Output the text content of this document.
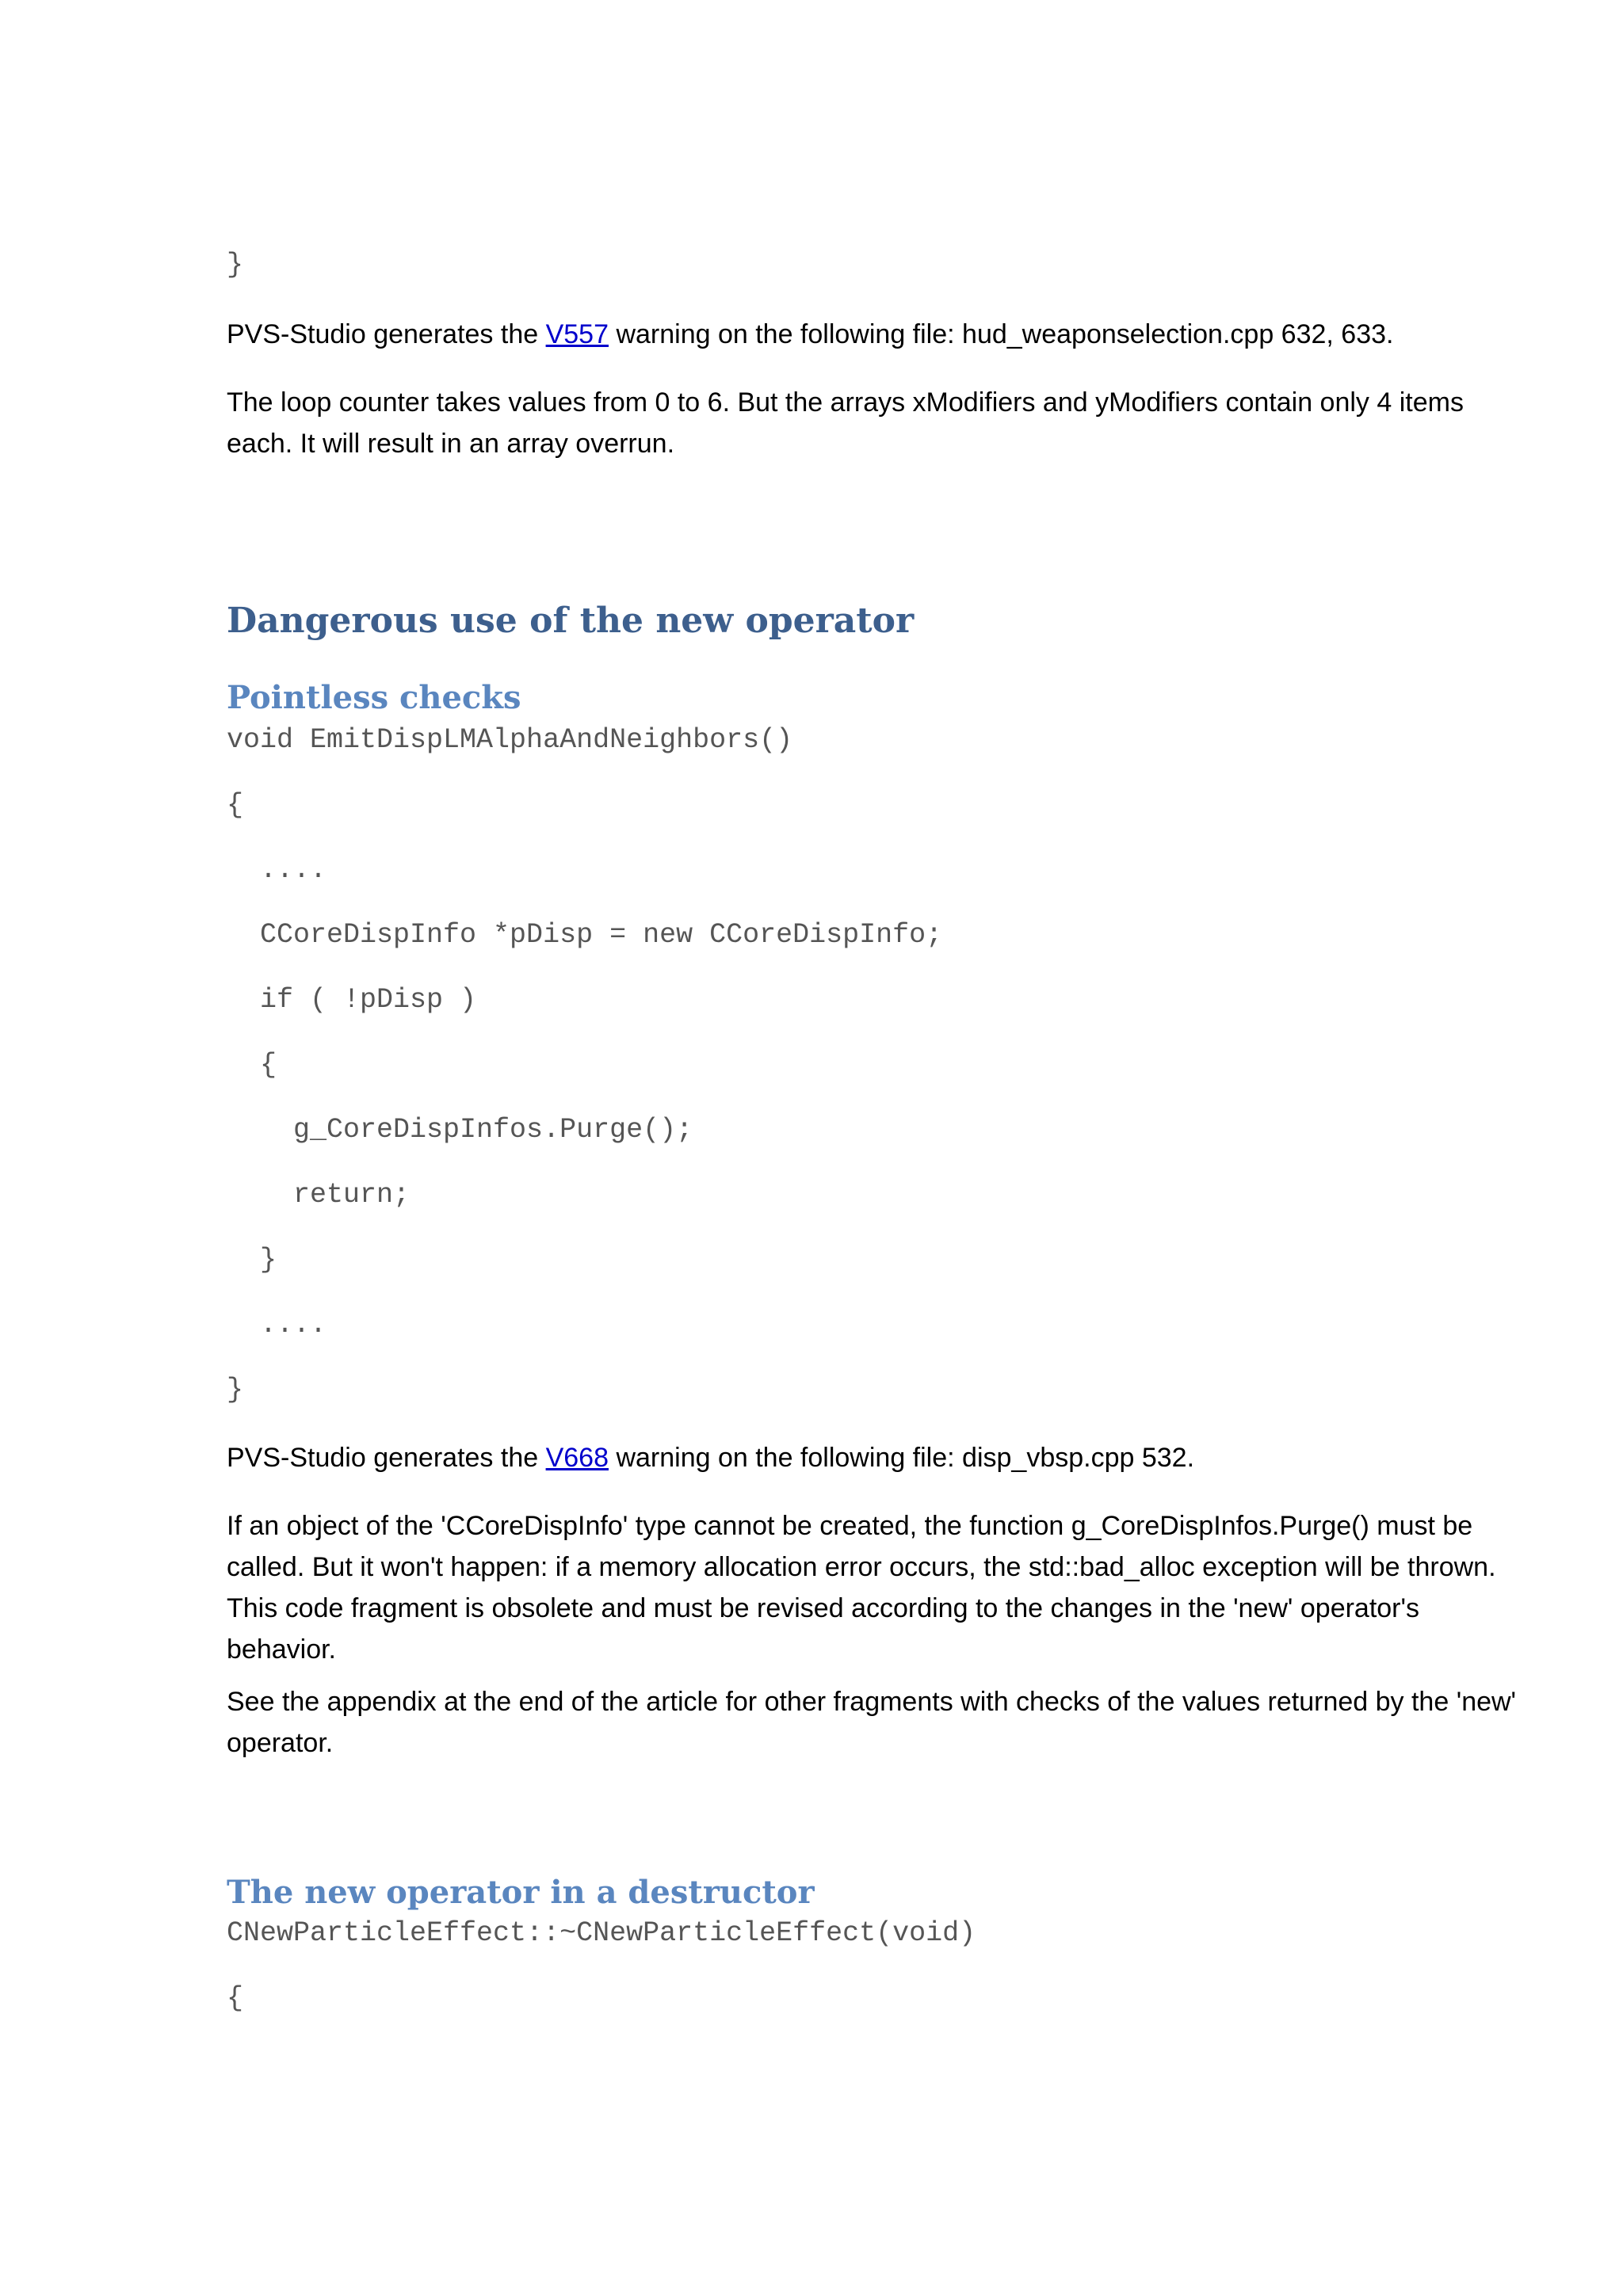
}
PVS-Studio generates the V557 warning on the following file: hud_weaponselection.cpp 632, 633.
The loop counter takes values from 0 to 6. But the arrays xModifiers and yModifiers contain only 4 items each. It will result in an array overrun.
Dangerous use of the new operator
Pointless checks
void EmitDispLMAlphaAndNeighbors()
{
....
CCoreDispInfo *pDisp = new CCoreDispInfo;
if ( !pDisp )
{
g_CoreDispInfos.Purge();
return;
}
....
}
PVS-Studio generates the V668 warning on the following file: disp_vbsp.cpp 532.
If an object of the 'CCoreDispInfo' type cannot be created, the function g_CoreDispInfos.Purge() must be called. But it won't happen: if a memory allocation error occurs, the std::bad_alloc exception will be thrown. This code fragment is obsolete and must be revised according to the changes in the 'new' operator's behavior.
See the appendix at the end of the article for other fragments with checks of the values returned by the 'new' operator.
The new operator in a destructor
CNewParticleEffect::~CNewParticleEffect(void)
{
